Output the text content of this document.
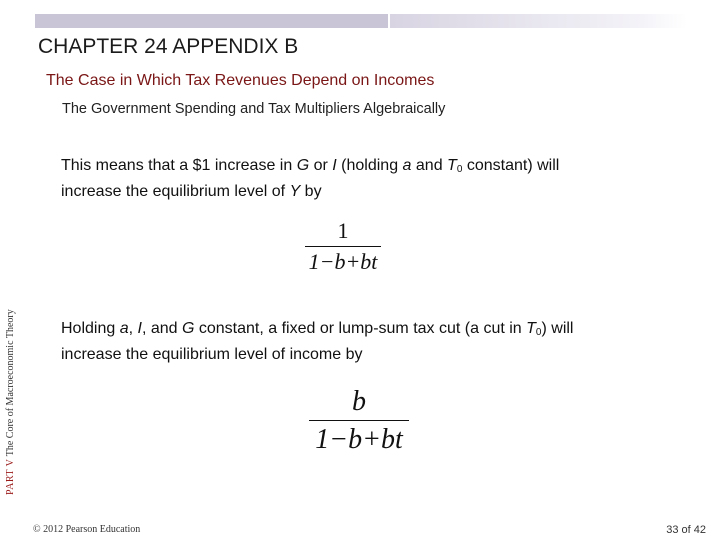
CHAPTER 24 APPENDIX B
The Case in Which Tax Revenues Depend on Incomes
The Government Spending and Tax Multipliers Algebraically
This means that a $1 increase in G or I (holding a and $T_0$ constant) will
increase the equilibrium level of Y by
1
1−b+bt
Holding a, I, and G constant, a fixed or lump-sum tax cut (a cut in $T_0$) will
increase the equilibrium level of income by
b
1−b+bt
PART V The Core of Macroeconomic Theory
© 2012 Pearson Education	33 of 42
